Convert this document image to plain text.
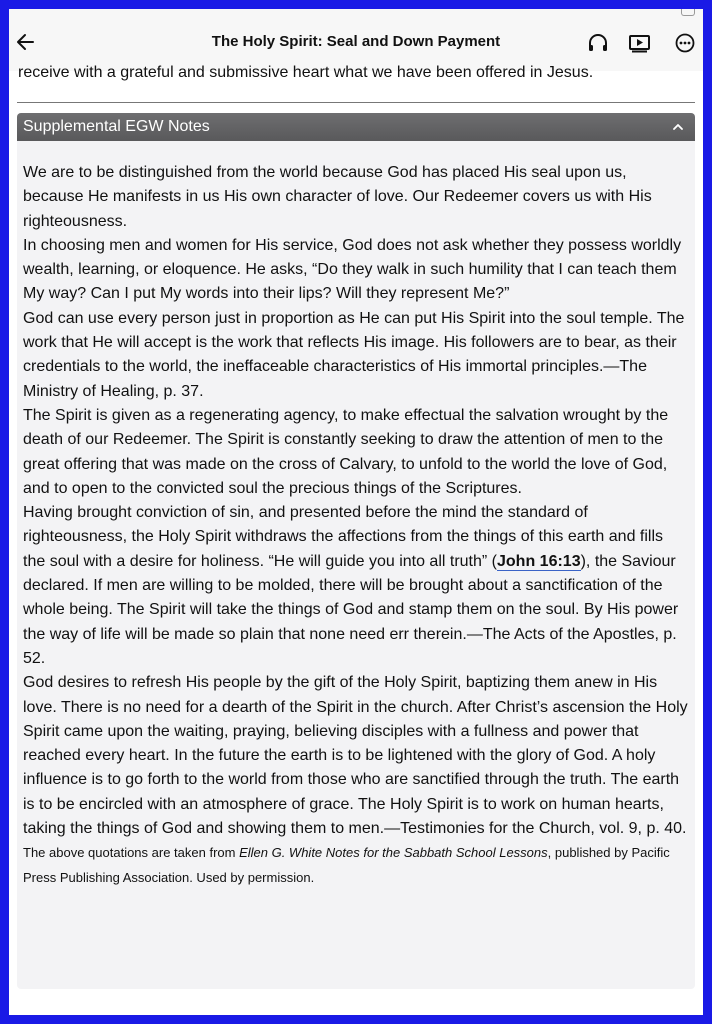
The Holy Spirit: Seal and Down Payment
receive with a grateful and submissive heart what we have been offered in Jesus.
Supplemental EGW Notes

We are to be distinguished from the world because God has placed His seal upon us, because He manifests in us His own character of love. Our Redeemer covers us with His righteousness.

In choosing men and women for His service, God does not ask whether they possess worldly wealth, learning, or eloquence. He asks, “Do they walk in such humility that I can teach them My way? Can I put My words into their lips? Will they represent Me?”

God can use every person just in proportion as He can put His Spirit into the soul temple. The work that He will accept is the work that reflects His image. His followers are to bear, as their credentials to the world, the ineffaceable characteristics of His immortal principles.—The Ministry of Healing, p. 37.

The Spirit is given as a regenerating agency, to make effectual the salvation wrought by the death of our Redeemer. The Spirit is constantly seeking to draw the attention of men to the great offering that was made on the cross of Calvary, to unfold to the world the love of God, and to open to the convicted soul the precious things of the Scriptures.

Having brought conviction of sin, and presented before the mind the standard of righteousness, the Holy Spirit withdraws the affections from the things of this earth and fills the soul with a desire for holiness. “He will guide you into all truth” (John 16:13), the Saviour declared. If men are willing to be molded, there will be brought about a sanctification of the whole being. The Spirit will take the things of God and stamp them on the soul. By His power the way of life will be made so plain that none need err therein.—The Acts of the Apostles, p. 52.

God desires to refresh His people by the gift of the Holy Spirit, baptizing them anew in His love. There is no need for a dearth of the Spirit in the church. After Christ’s ascension the Holy Spirit came upon the waiting, praying, believing disciples with a fullness and power that reached every heart. In the future the earth is to be lightened with the glory of God. A holy influence is to go forth to the world from those who are sanctified through the truth. The earth is to be encircled with an atmosphere of grace. The Holy Spirit is to work on human hearts, taking the things of God and showing them to men.—Testimonies for the Church, vol. 9, p. 40.

The above quotations are taken from Ellen G. White Notes for the Sabbath School Lessons, published by Pacific Press Publishing Association. Used by permission.
